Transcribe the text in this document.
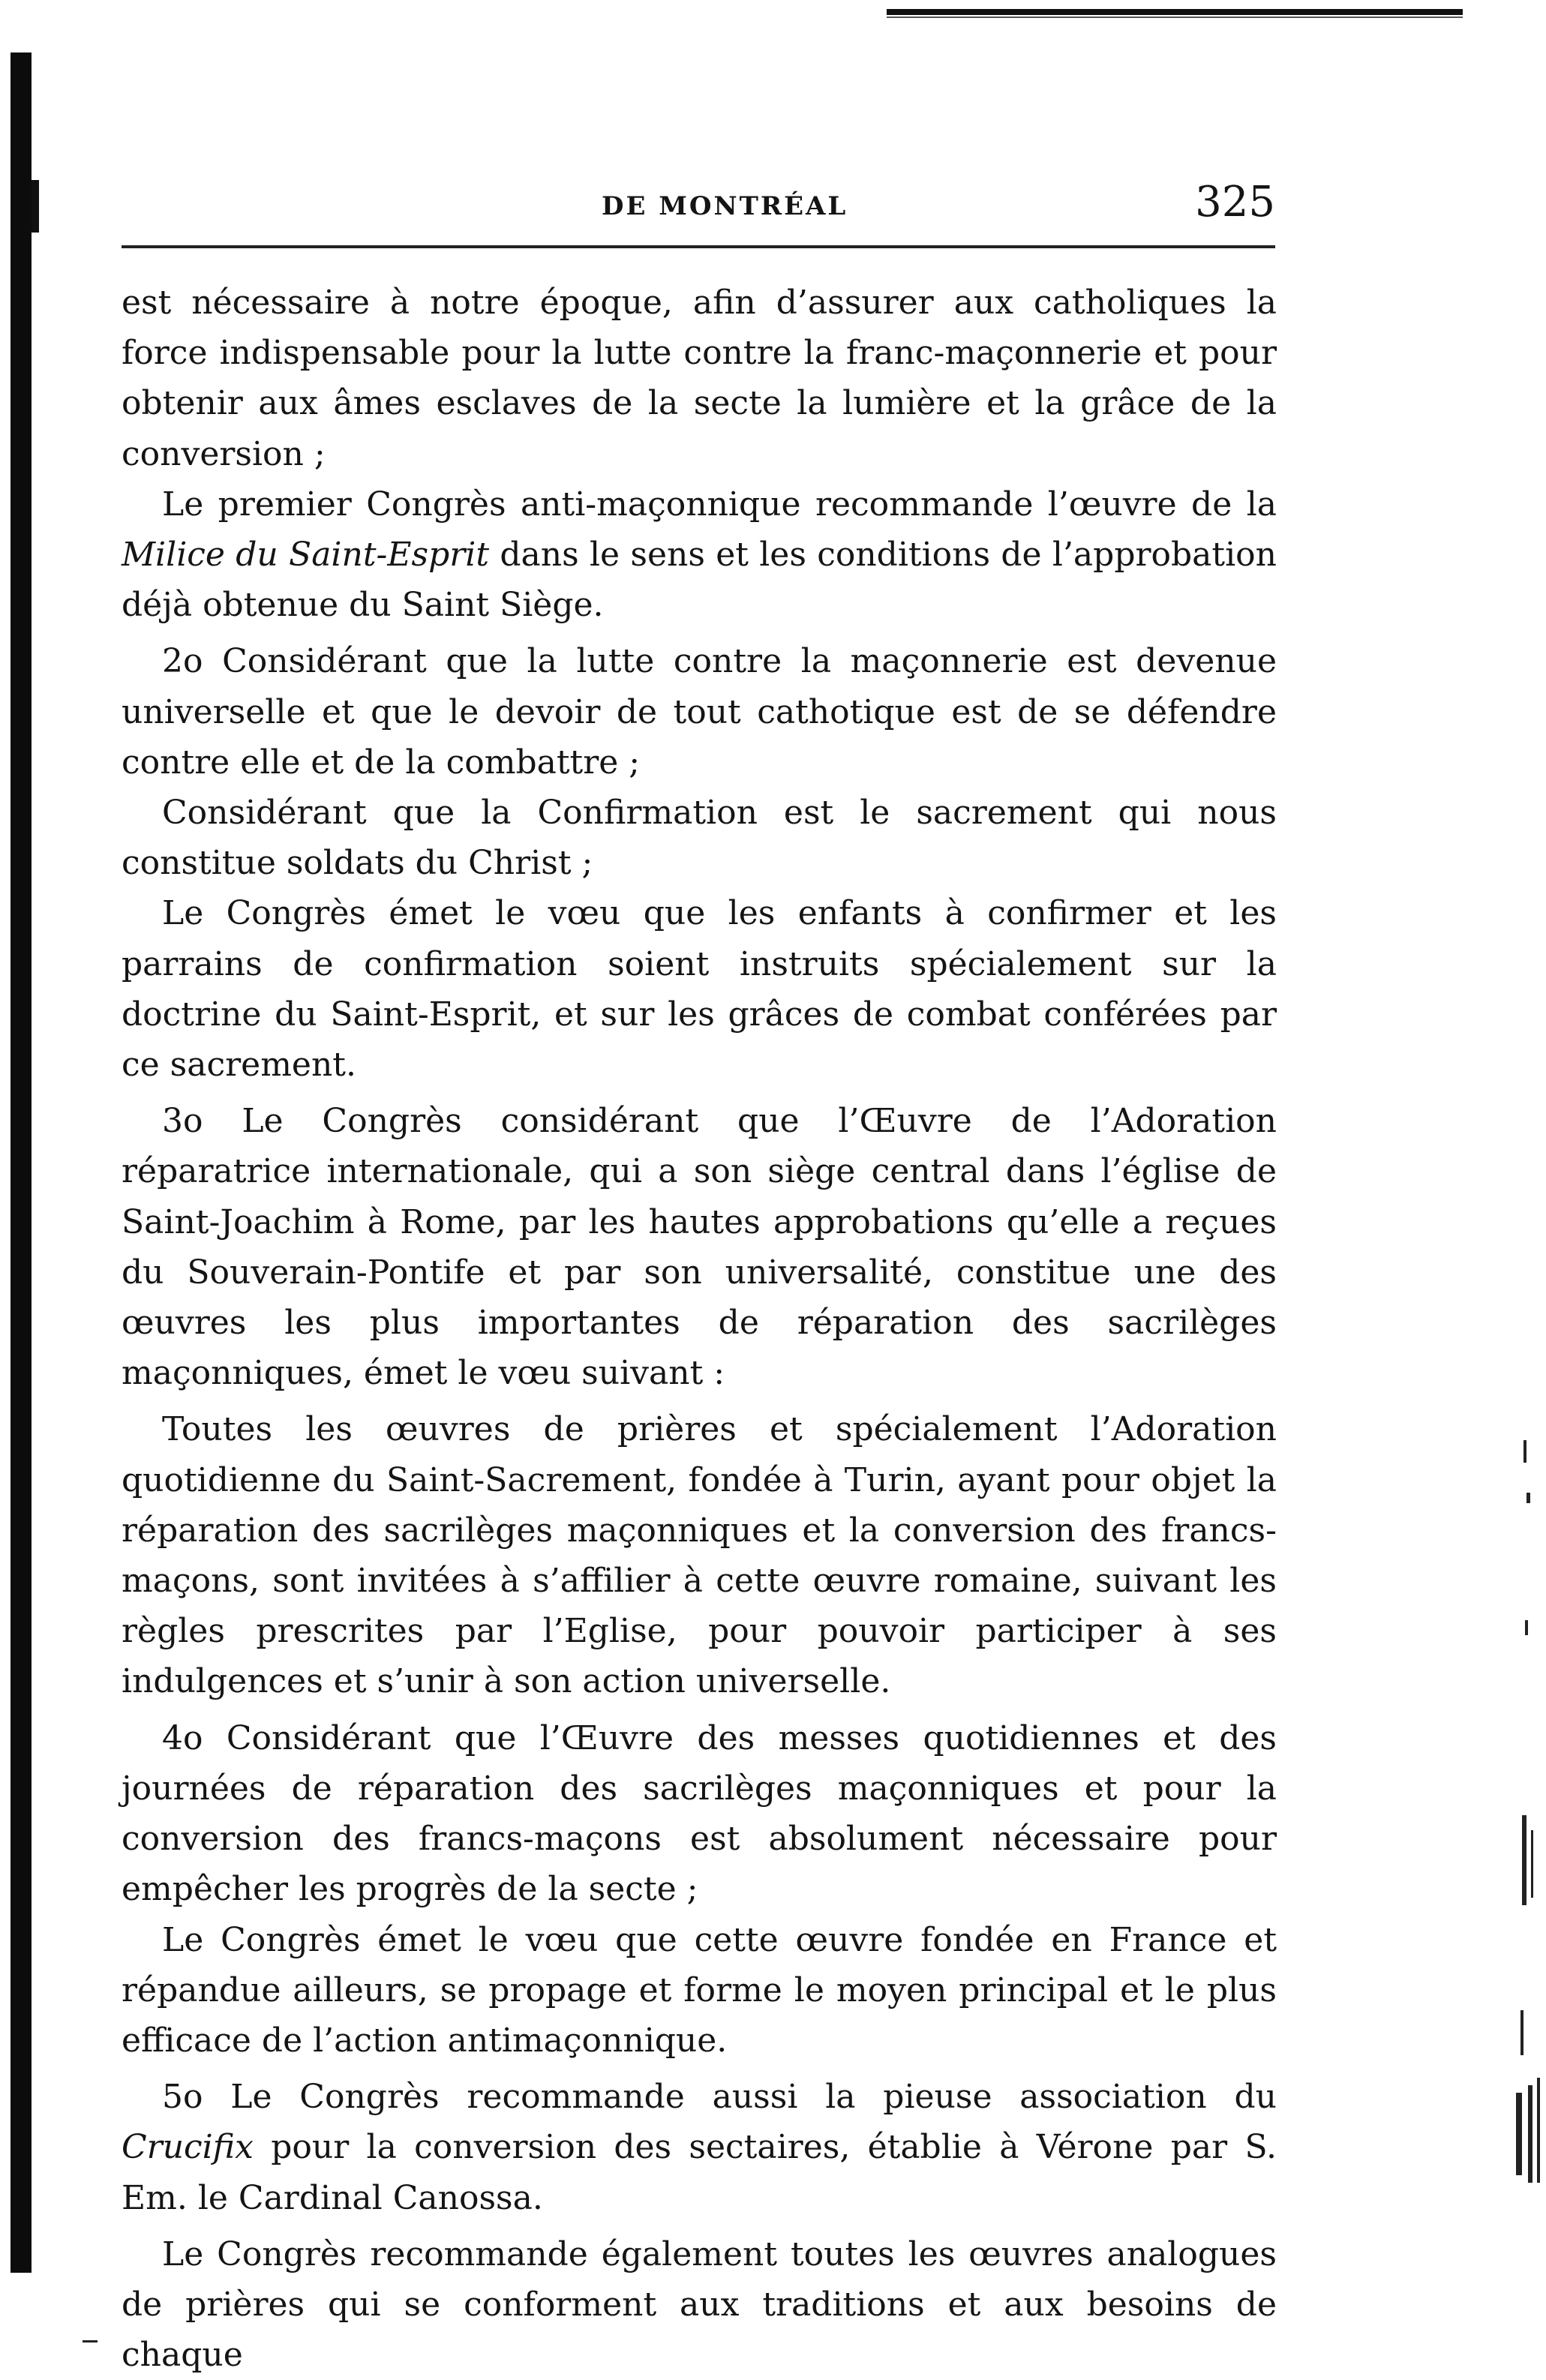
DE MONTRÉAL	325

est nécessaire à notre époque, afin d’assurer aux catholiques la force indispensable pour la lutte contre la franc-maçonnerie et pour obtenir aux âmes esclaves de la secte la lumière et la grâce de la conversion ;

Le premier Congrès anti-maçonnique recommande l’œuvre de la Milice du Saint-Esprit dans le sens et les conditions de l’approbation déjà obtenue du Saint Siège.

2o Considérant que la lutte contre la maçonnerie est devenue universelle et que le devoir de tout cathotique est de se défendre contre elle et de la combattre ;

Considérant que la Confirmation est le sacrement qui nous constitue soldats du Christ ;

Le Congrès émet le vœu que les enfants à confirmer et les parrains de confirmation soient instruits spécialement sur la doctrine du Saint-Esprit, et sur les grâces de combat conférées par ce sacrement.

3o Le Congrès considérant que l’Œuvre de l’Adoration réparatrice internationale, qui a son siège central dans l’église de Saint-Joachim à Rome, par les hautes approbations qu’elle a reçues du Souverain-Pontife et par son universalité, constitue une des œuvres les plus importantes de réparation des sacrilèges maçonniques, émet le vœu suivant :

Toutes les œuvres de prières et spécialement l’Adoration quotidienne du Saint-Sacrement, fondée à Turin, ayant pour objet la réparation des sacrilèges maçonniques et la conversion des francs-maçons, sont invitées à s’affilier à cette œuvre romaine, suivant les règles prescrites par l’Eglise, pour pouvoir participer à ses indulgences et s’unir à son action universelle.

4o Considérant que l’Œuvre des messes quotidiennes et des journées de réparation des sacrilèges maçonniques et pour la conversion des francs-maçons est absolument nécessaire pour empêcher les progrès de la secte ;

Le Congrès émet le vœu que cette œuvre fondée en France et répandue ailleurs, se propage et forme le moyen principal et le plus efficace de l’action antimaçonnique.

5o Le Congrès recommande aussi la pieuse association du Crucifix pour la conversion des sectaires, établie à Vérone par S. Em. le Cardinal Canossa.

Le Congrès recommande également toutes les œuvres analogues de prières qui se conforment aux traditions et aux besoins de chaque
